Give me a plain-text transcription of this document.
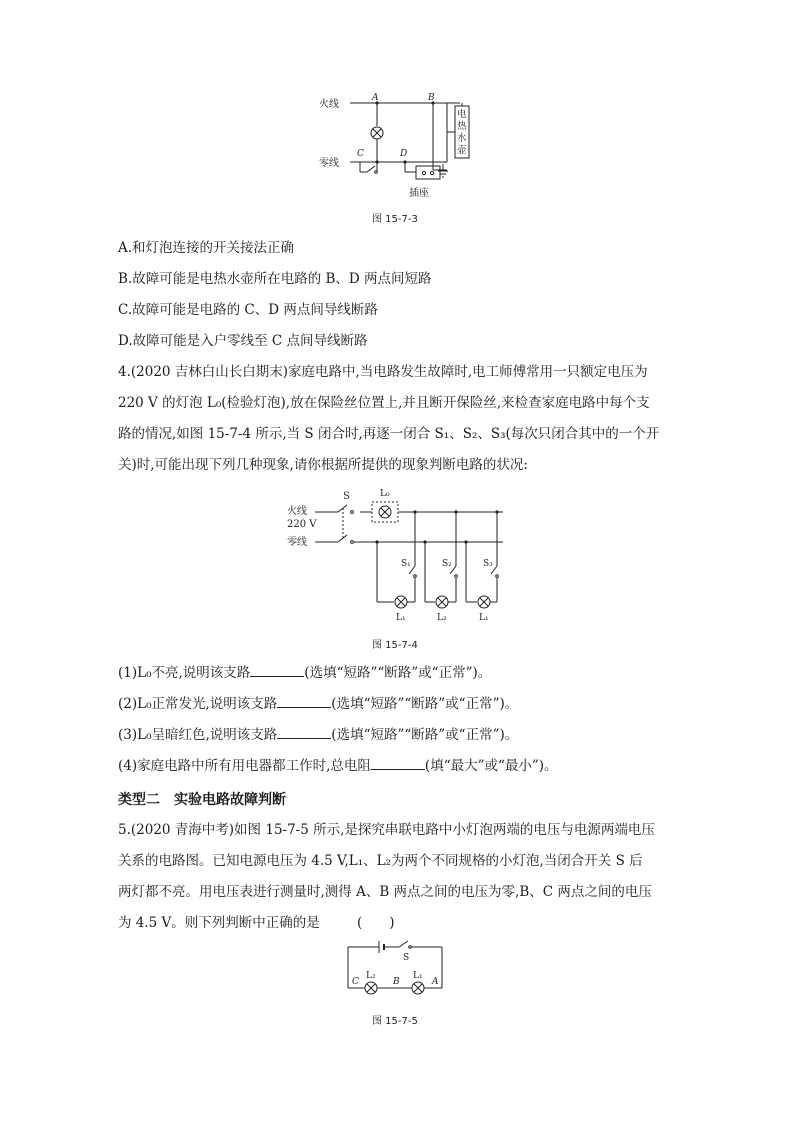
火线
零线
A	B
C	D
电
热
水
壶
插座
图 15-7-3
A.和灯泡连接的开关接法正确
B.故障可能是电热水壶所在电路的 B、D 两点间短路
C.故障可能是电路的 C、D 两点间导线断路
D.故障可能是入户零线至 C 点间导线断路
4.(2020 吉林白山长白期末)家庭电路中,当电路发生故障时,电工师傅常用一只额定电压为
220 V 的灯泡 L₀(检验灯泡),放在保险丝位置上,并且断开保险丝,来检查家庭电路中每个支
路的情况,如图 15-7-4 所示,当 S 闭合时,再逐一闭合 S₁、S₂、S₃(每次只闭合其中的一个开
关)时,可能出现下列几种现象,请你根据所提供的现象判断电路的状况:
火线
220 V
零线
S	L₀
S₁	S₂	S₃
L₁	L₂	L₁
图 15-7-4
(1)L₀不亮,说明该支路	(选填“短路”“断路”或“正常”)。
(2)L₀正常发光,说明该支路	(选填“短路”“断路”或“正常”)。
(3)L₀呈暗红色,说明该支路	(选填“短路”“断路”或“正常”)。
(4)家庭电路中所有用电器都工作时,总电阻	(填“最大”或“最小”)。
类型二　实验电路故障判断
5.(2020 青海中考)如图 15-7-5 所示,是探究串联电路中小灯泡两端的电压与电源两端电压
关系的电路图。已知电源电压为 4.5 V,L₁、L₂为两个不同规格的小灯泡,当闭合开关 S 后
两灯都不亮。用电压表进行测量时,测得 A、B 两点之间的电压为零,B、C 两点之间的电压
为 4.5 V。则下列判断中正确的是	(　　)
S
C	B	A
L₂	L₁
图 15-7-5
